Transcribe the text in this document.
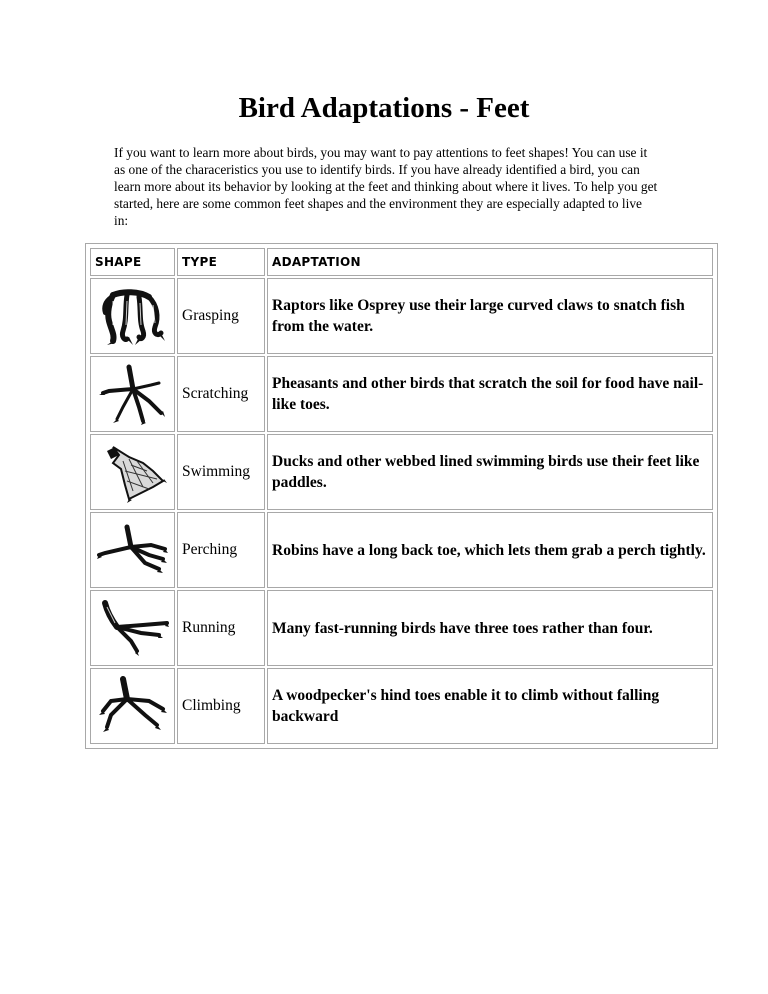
Bird Adaptations - Feet
If you want to learn more about birds, you may want to pay attentions to feet shapes! You can use it as one of the characeristics you use to identify birds. If you have already identified a bird, you can learn more about its behavior by looking at the feet and thinking about where it lives. To help you get started, here are some common feet shapes and the environment they are especially adapted to live in:
SHAPE	TYPE	ADAPTATION

	Grasping	Raptors like Osprey use their large curved claws to snatch fish from the water.

	Scratching	Pheasants and other birds that scratch the soil for food have nail-like toes.

	Swimming	Ducks and other webbed lined swimming birds use their feet like paddles.

	Perching	Robins have a long back toe, which lets them grab a perch tightly.

	Running	Many fast-running birds have three toes rather than four.

	Climbing	A woodpecker's hind toes enable it to climb without falling backward
